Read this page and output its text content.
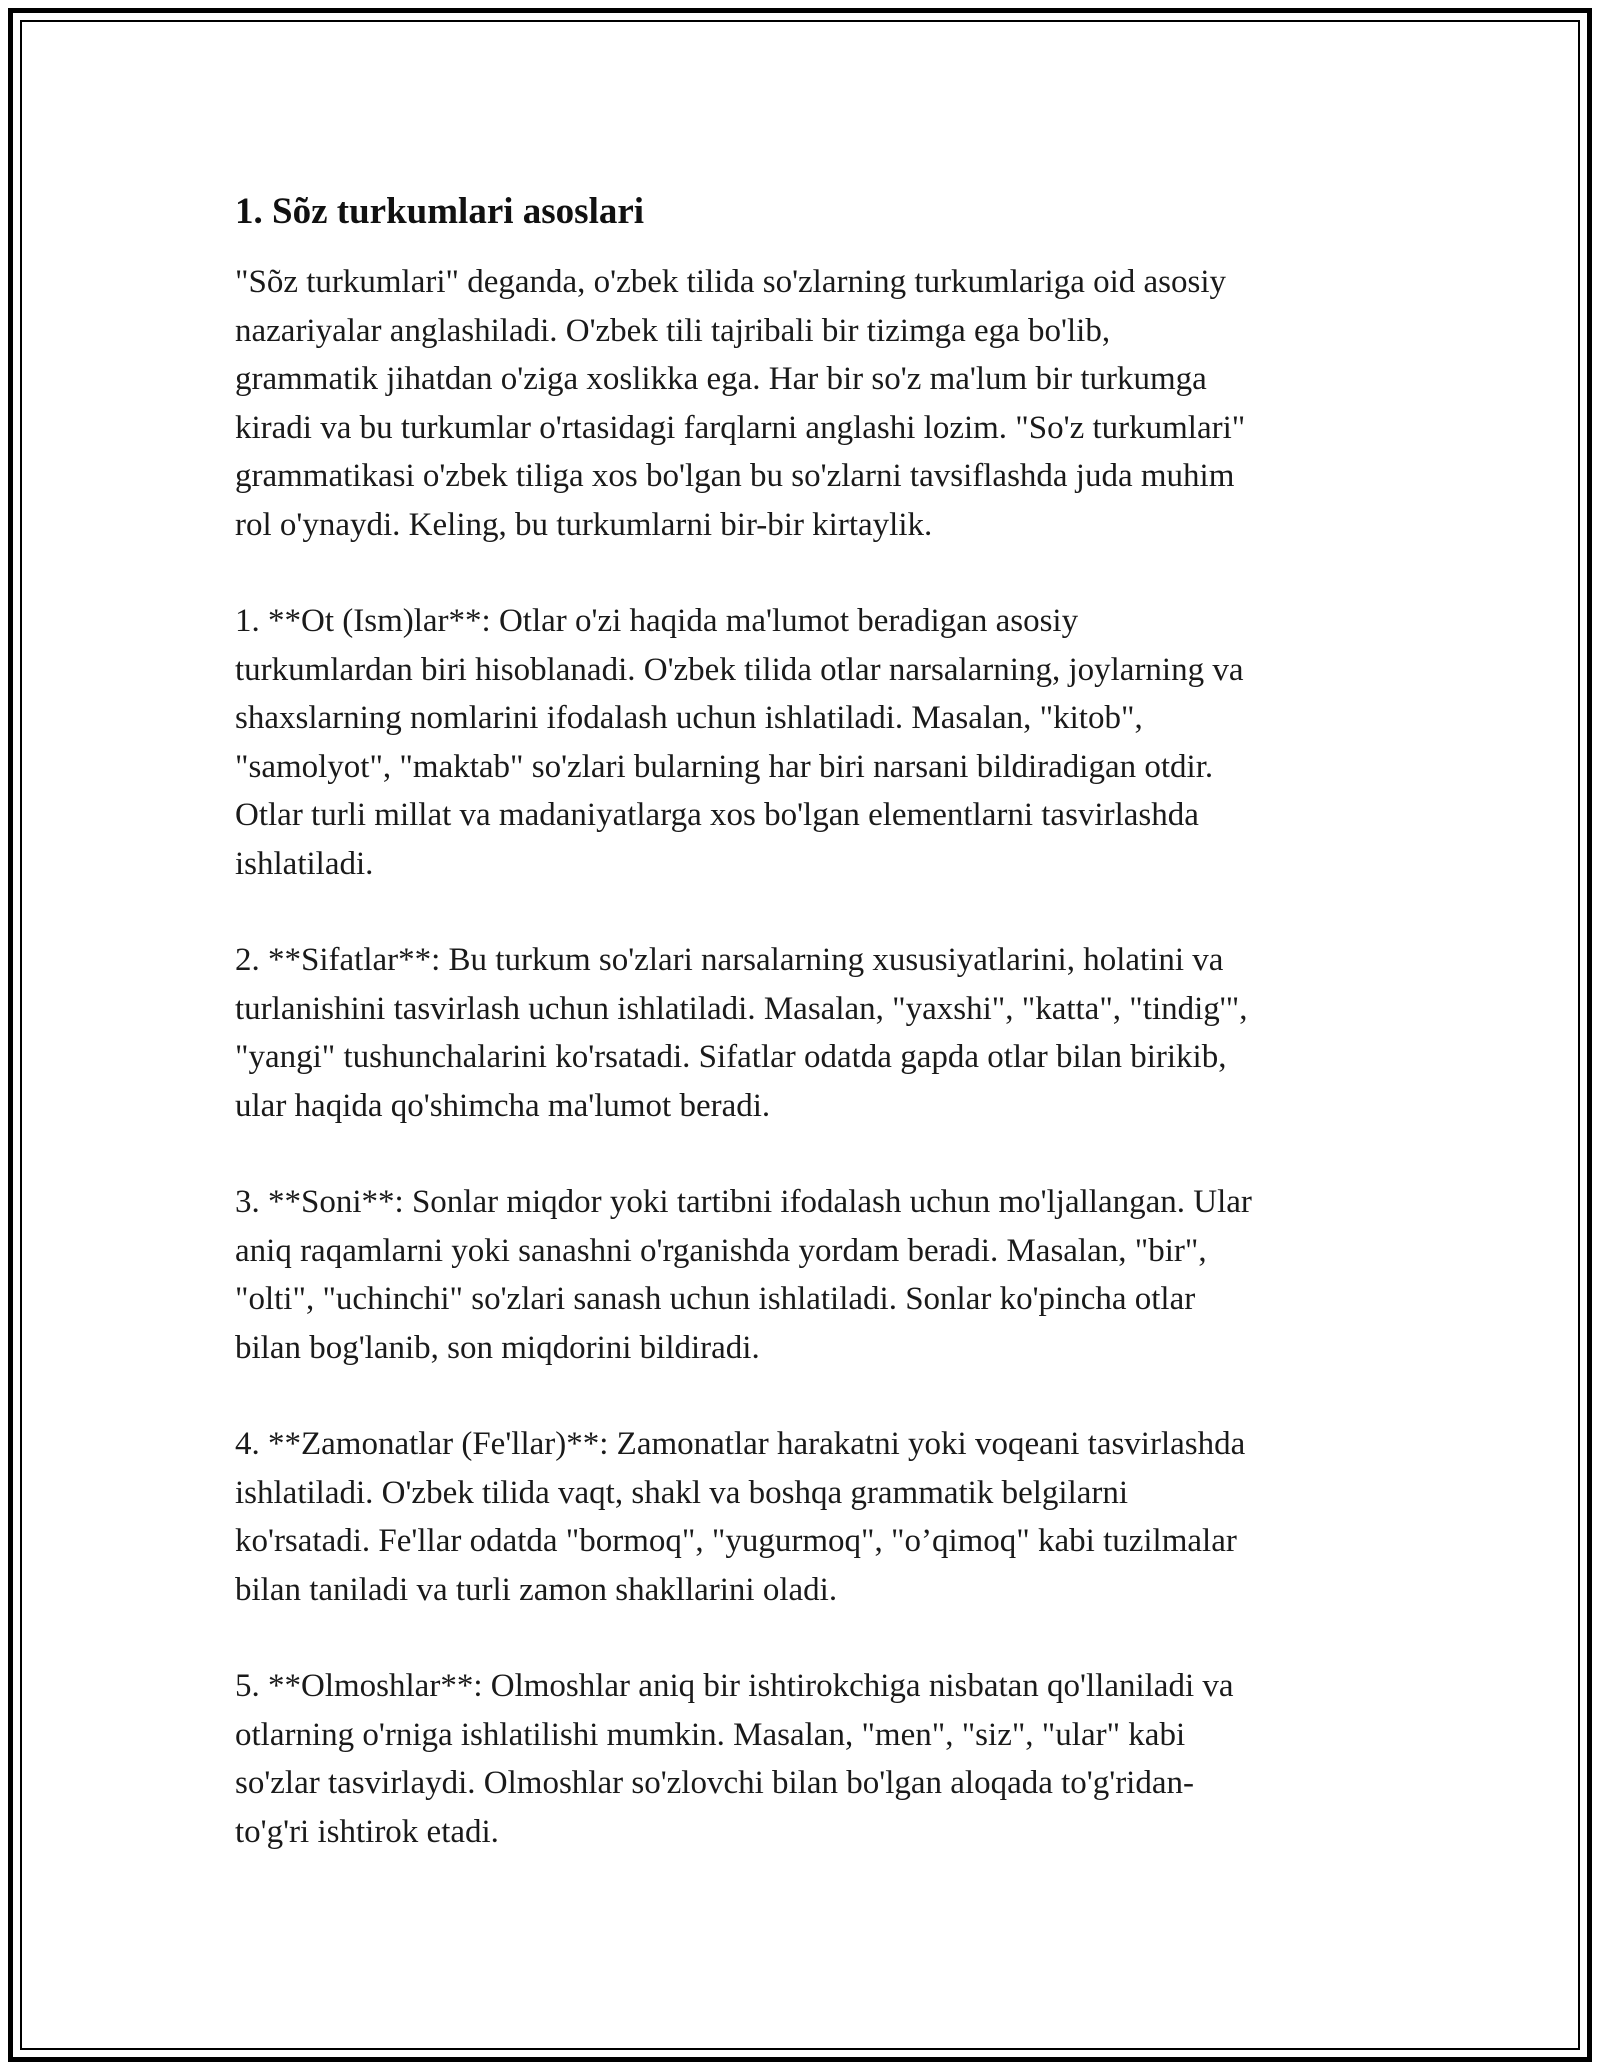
1. Sõz turkumlari asoslari

"Sõz turkumlari" deganda, o'zbek tilida so'zlarning turkumlariga oid asosiy
nazariyalar anglashiladi. O'zbek tili tajribali bir tizimga ega bo'lib,
grammatik jihatdan o'ziga xoslikka ega. Har bir so'z ma'lum bir turkumga
kiradi va bu turkumlar o'rtasidagi farqlarni anglashi lozim. "So'z turkumlari"
grammatikasi o'zbek tiliga xos bo'lgan bu so'zlarni tavsiflashda juda muhim
rol o'ynaydi. Keling, bu turkumlarni bir-bir kirtaylik.

1. **Ot (Ism)lar**: Otlar o'zi haqida ma'lumot beradigan asosiy
turkumlardan biri hisoblanadi. O'zbek tilida otlar narsalarning, joylarning va
shaxslarning nomlarini ifodalash uchun ishlatiladi. Masalan, "kitob",
"samolyot", "maktab" so'zlari bularning har biri narsani bildiradigan otdir.
Otlar turli millat va madaniyatlarga xos bo'lgan elementlarni tasvirlashda
ishlatiladi.

2. **Sifatlar**: Bu turkum so'zlari narsalarning xususiyatlarini, holatini va
turlanishini tasvirlash uchun ishlatiladi. Masalan, "yaxshi", "katta", "tindig'",
"yangi" tushunchalarini ko'rsatadi. Sifatlar odatda gapda otlar bilan birikib,
ular haqida qo'shimcha ma'lumot beradi.

3. **Soni**: Sonlar miqdor yoki tartibni ifodalash uchun mo'ljallangan. Ular
aniq raqamlarni yoki sanashni o'rganishda yordam beradi. Masalan, "bir",
"olti", "uchinchi" so'zlari sanash uchun ishlatiladi. Sonlar ko'pincha otlar
bilan bog'lanib, son miqdorini bildiradi.

4. **Zamonatlar (Fe'llar)**: Zamonatlar harakatni yoki voqeani tasvirlashda
ishlatiladi. O'zbek tilida vaqt, shakl va boshqa grammatik belgilarni
ko'rsatadi. Fe'llar odatda "bormoq", "yugurmoq", "o’qimoq" kabi tuzilmalar
bilan taniladi va turli zamon shakllarini oladi.

5. **Olmoshlar**: Olmoshlar aniq bir ishtirokchiga nisbatan qo'llaniladi va
otlarning o'rniga ishlatilishi mumkin. Masalan, "men", "siz", "ular" kabi
so'zlar tasvirlaydi. Olmoshlar so'zlovchi bilan bo'lgan aloqada to'g'ridan-
to'g'ri ishtirok etadi.
